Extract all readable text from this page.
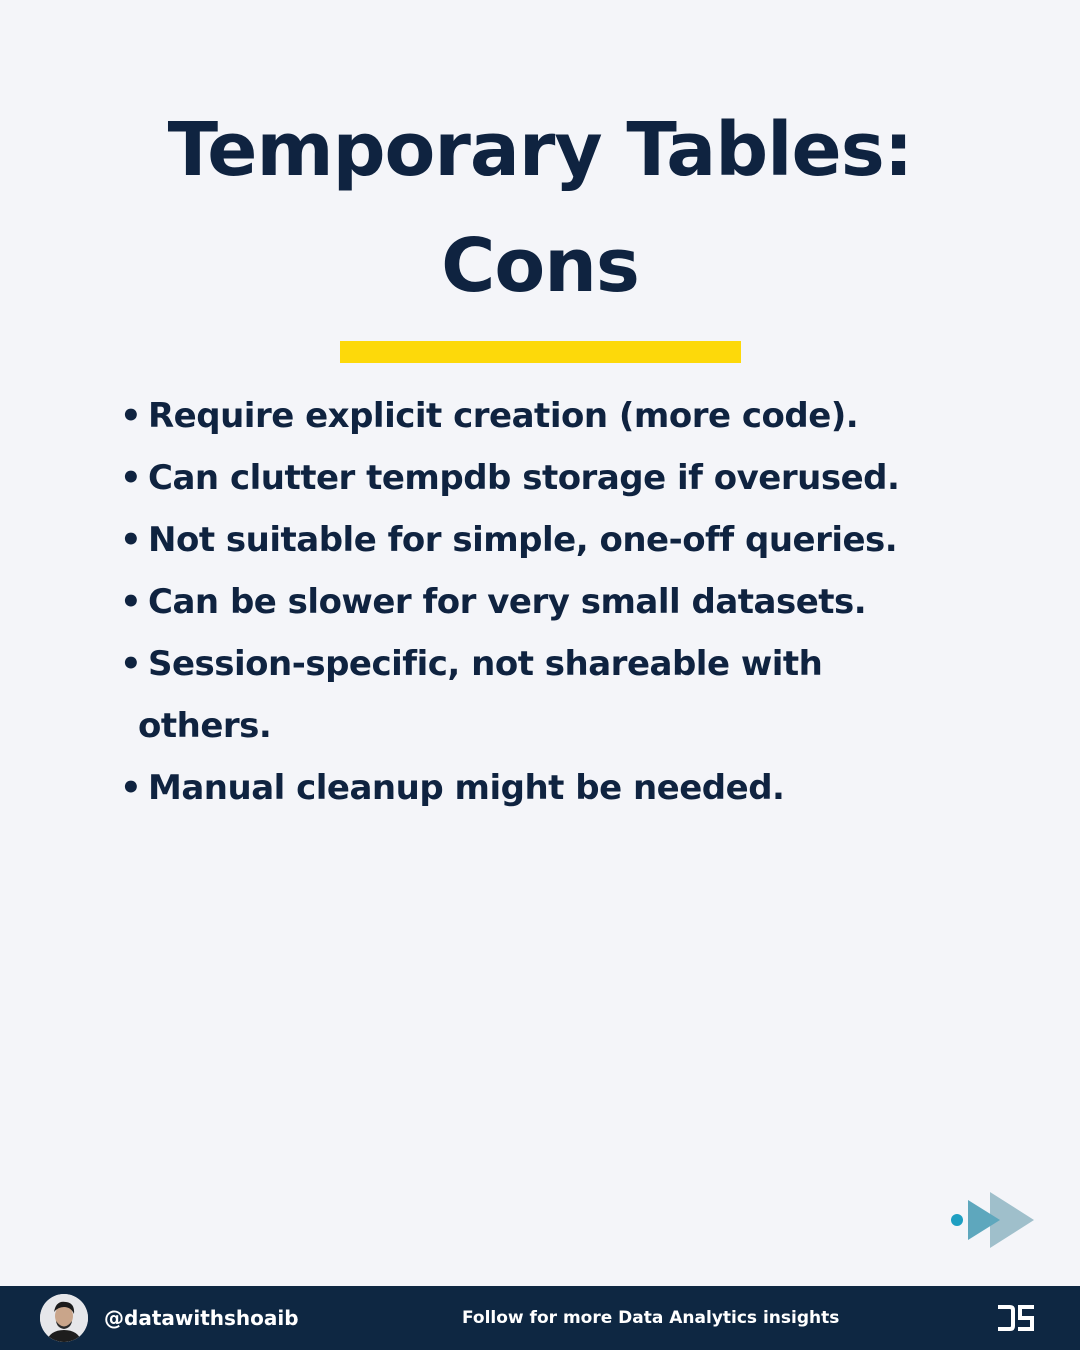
Temporary Tables:
Cons
• Require explicit creation (more code).
• Can clutter tempdb storage if overused.
• Not suitable for simple, one-off queries.
• Can be slower for very small datasets.
• Session-specific, not shareable with
others.
• Manual cleanup might be needed.
@datawithshoaib	Follow for more Data Analytics insights
